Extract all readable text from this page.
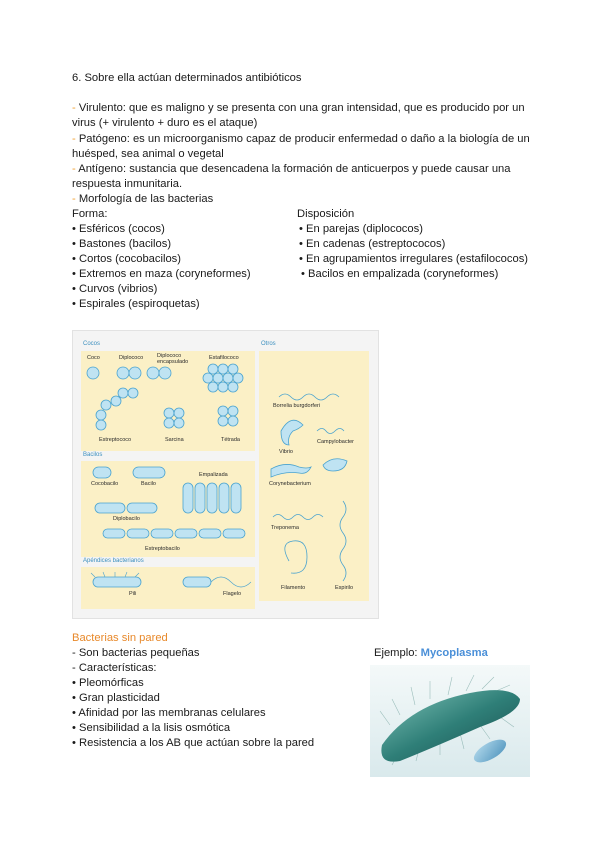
6. Sobre ella actúan determinados antibióticos
- Virulento: que es maligno y se presenta con una gran intensidad, que es producido por un
virus (+ virulento + duro es el ataque)
- Patógeno: es un microorganismo capaz de producir enfermedad o daño a la biología de un
huésped, sea animal o vegetal
- Antígeno: sustancia que desencadena la formación de anticuerpos y puede causar una
respuesta inmunitaria.
- Morfología de las bacterias
Forma:
• Esféricos (cocos)
• Bastones (bacilos)
• Cortos (cocobacilos)
• Extremos en maza (coryneformes)
• Curvos (vibrios)
• Espirales (espiroquetas)
Disposición
• En parejas (diplococos)
• En cadenas (estreptococos)
• En agrupamientos irregulares (estafilococos)
• Bacilos en empalizada (coryneformes)
Cocos	Otros
Bacilos
Apéndices bacterianos
Coco	Diplococo	Diplococo encapsulado
Estafilococo
Estreptococo	Sarcina	Tétrada
Cocobacilo	Bacilo
Empalizada
Diplobacilo
Estreptobacilo
Pili	Flagelo
Borrelia burgdorferi
Vibrio
Campylobacter
Corynebacterium
Treponema
Filamento	Espirilo
Bacterias sin pared
- Son bacterias pequeñas
- Características:
• Pleomórficas
• Gran plasticidad
• Afinidad por las membranas celulares
• Sensibilidad a la lisis osmótica
• Resistencia a los AB que actúan sobre la pared
Ejemplo: Mycoplasma
